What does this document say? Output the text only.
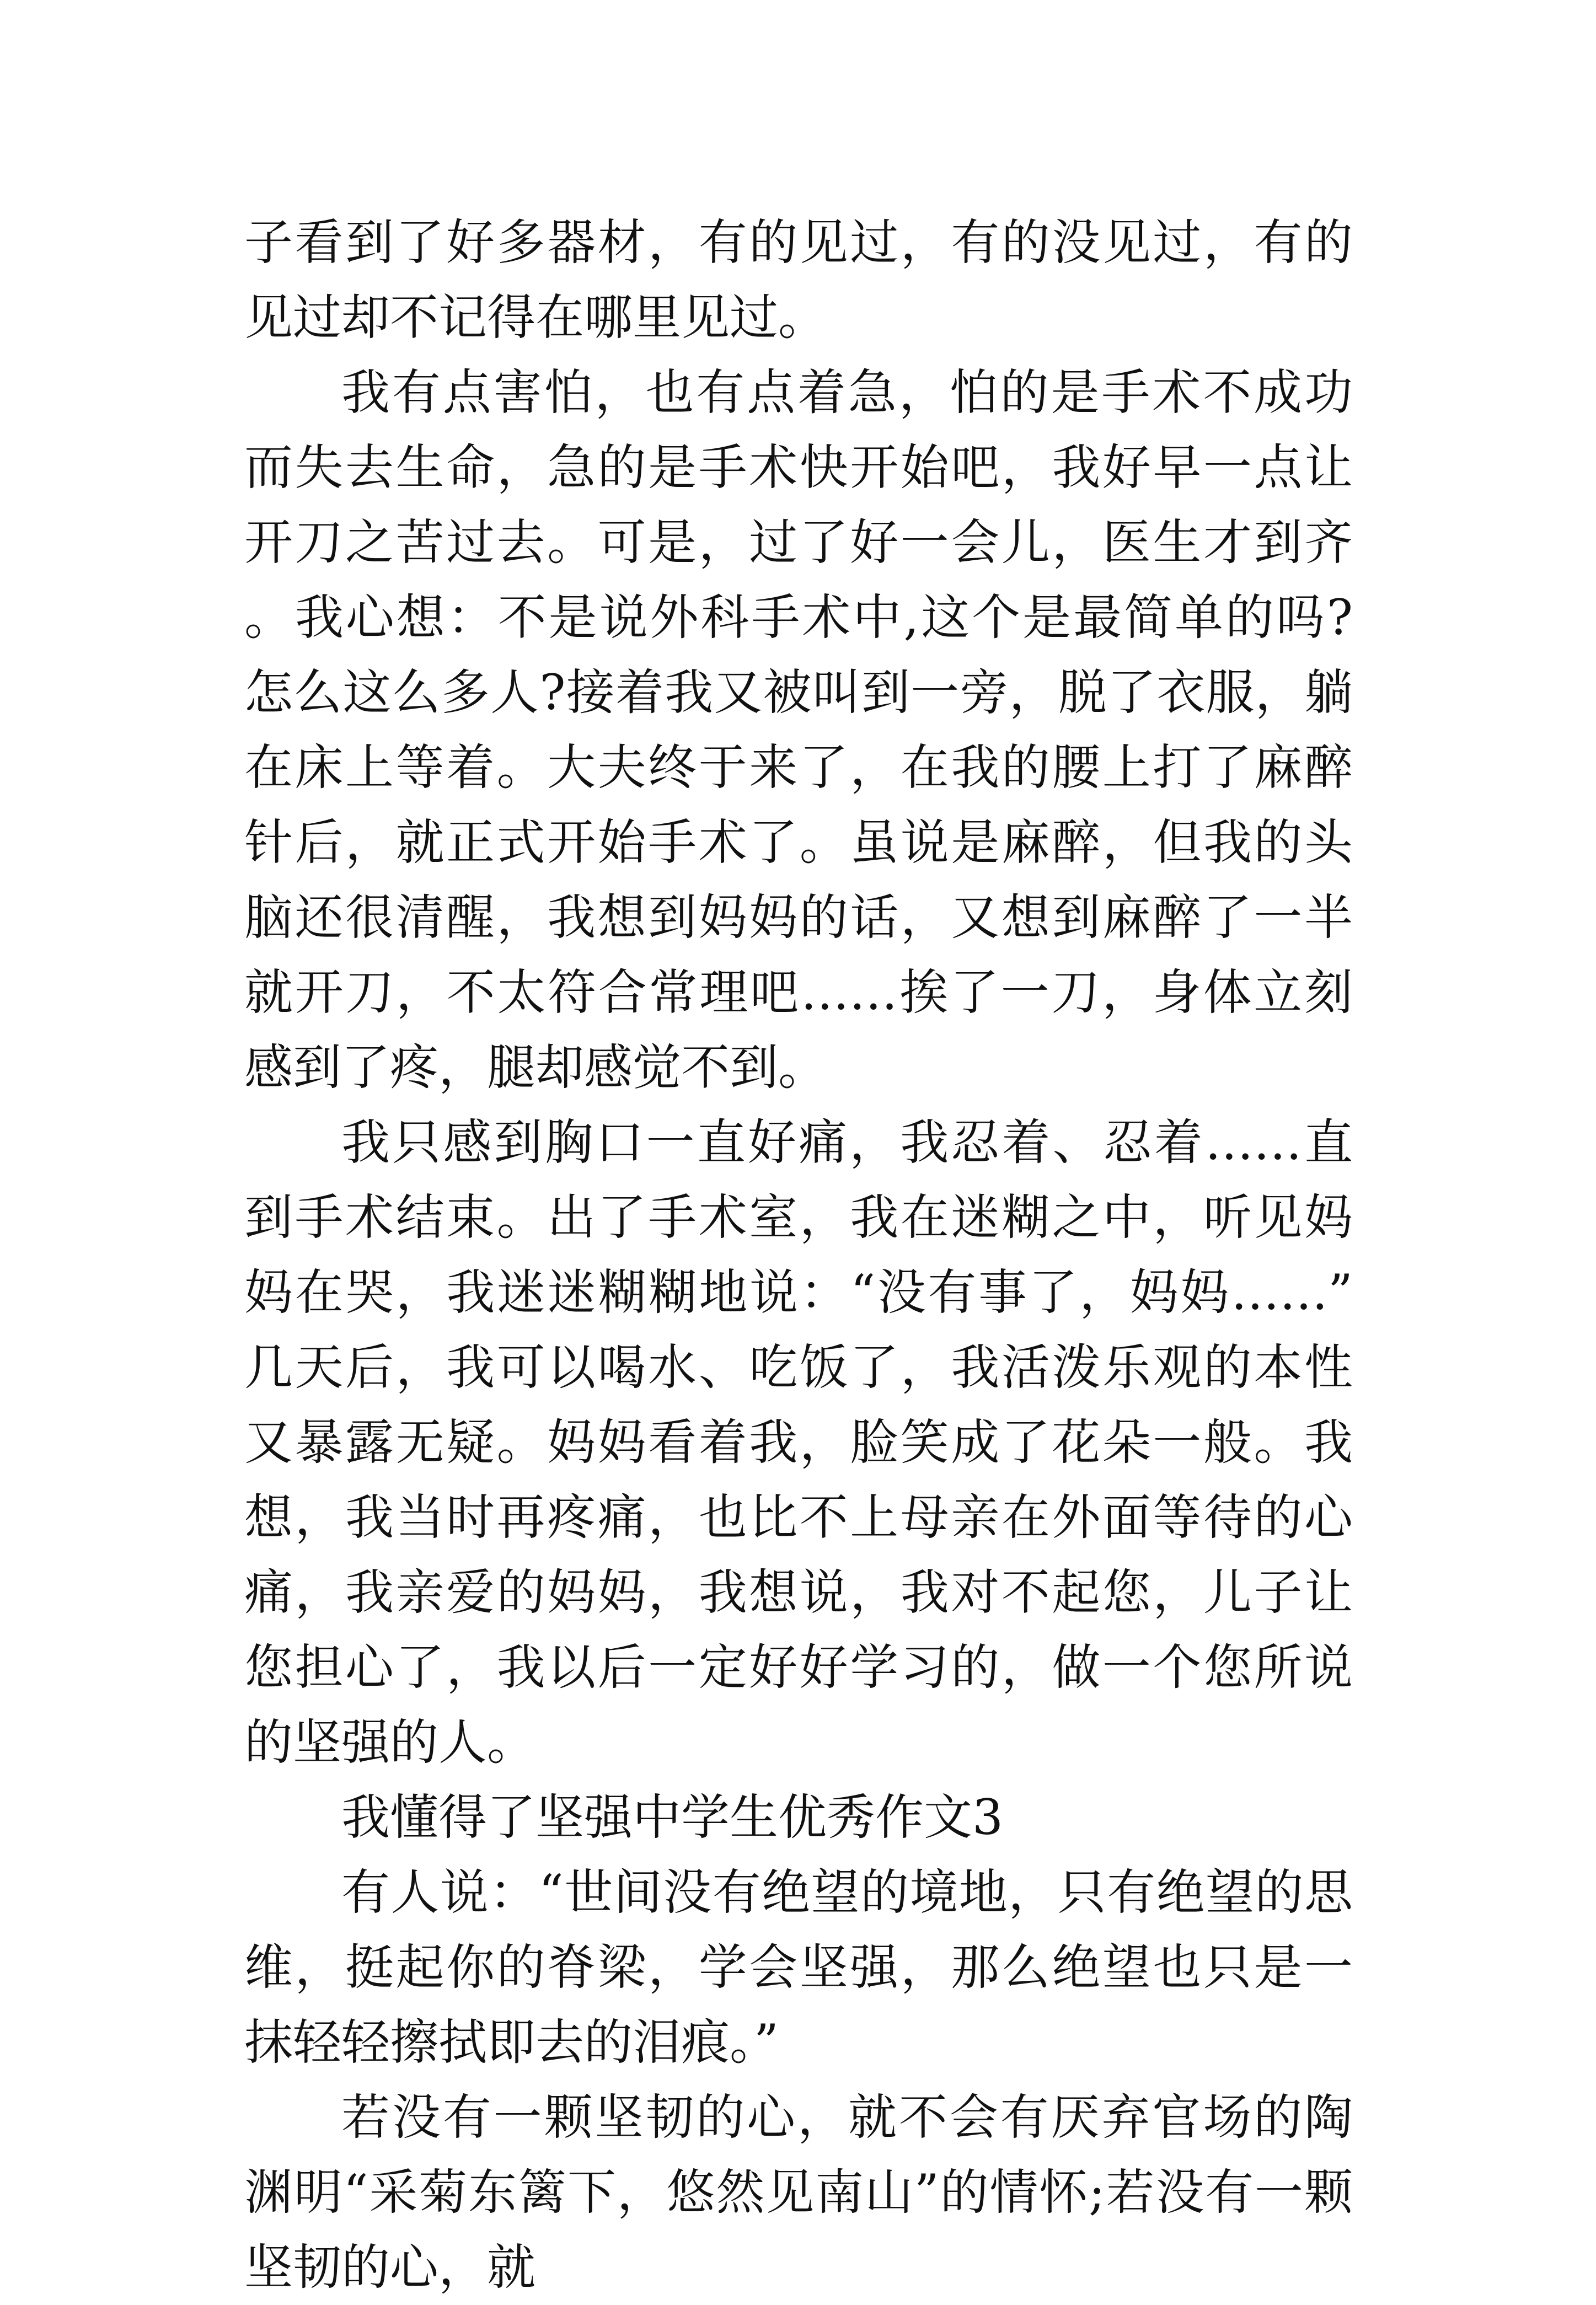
子看到了好多器材，有的见过，有的没见过，有的见过却不记得在哪里见过。

我有点害怕，也有点着急，怕的是手术不成功而失去生命，急的是手术快开始吧，我好早一点让开刀之苦过去。可是，过了好一会儿，医生才到齐。我心想：不是说外科手术中,这个是最简单的吗?怎么这么多人?接着我又被叫到一旁，脱了衣服，躺在床上等着。大夫终于来了，在我的腰上打了麻醉针后，就正式开始手术了。虽说是麻醉，但我的头脑还很清醒，我想到妈妈的话，又想到麻醉了一半就开刀，不太符合常理吧……挨了一刀，身体立刻感到了疼，腿却感觉不到。

我只感到胸口一直好痛，我忍着、忍着……直到手术结束。出了手术室，我在迷糊之中，听见妈妈在哭，我迷迷糊糊地说：“没有事了，妈妈……”几天后，我可以喝水、吃饭了，我活泼乐观的本性又暴露无疑。妈妈看着我，脸笑成了花朵一般。我想，我当时再疼痛，也比不上母亲在外面等待的心痛，我亲爱的妈妈，我想说，我对不起您，儿子让您担心了，我以后一定好好学习的，做一个您所说的坚强的人。

我懂得了坚强中学生优秀作文3

有人说：“世间没有绝望的境地，只有绝望的思维，挺起你的脊梁，学会坚强，那么绝望也只是一抹轻轻擦拭即去的泪痕。”

若没有一颗坚韧的心，就不会有厌弃官场的陶渊明“采菊东篱下，悠然见南山”的情怀;若没有一颗坚韧的心，就
